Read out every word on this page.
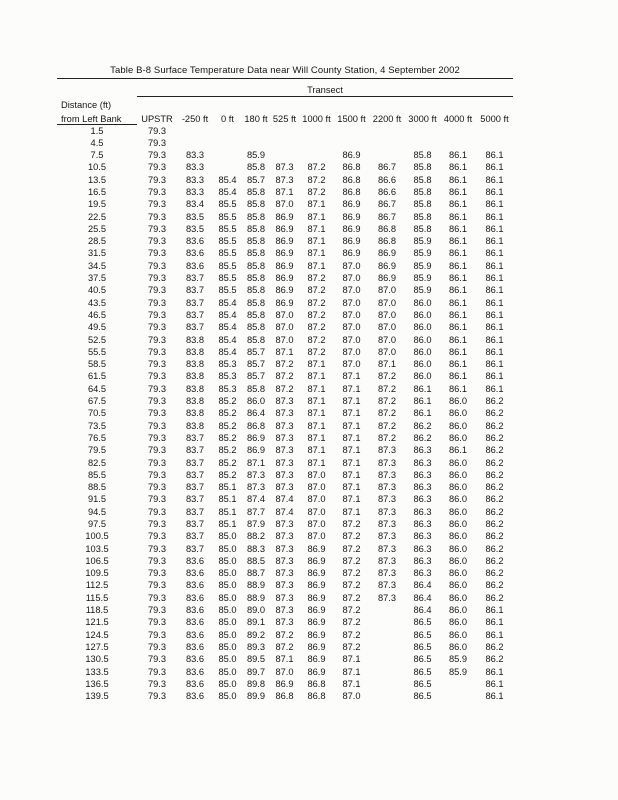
Table B-8 Surface Temperature Data near Will County Station, 4 September 2002											
	Transect										
Distance (ft)											
from Left Bank	UPSTR	-250 ft	0 ft	180 ft	525 ft	1000 ft	1500 ft	2200 ft	3000 ft	4000 ft	5000 ft
1.5	79.3										
4.5	79.3										
7.5	79.3	83.3		85.9			86.9		85.8	86.1	86.1
10.5	79.3	83.3		85.8	87.3	87.2	86.8	86.7	85.8	86.1	86.1
13.5	79.3	83.3	85.4	85.7	87.3	87.2	86.8	86.6	85.8	86.1	86.1
16.5	79.3	83.3	85.4	85.8	87.1	87.2	86.8	86.6	85.8	86.1	86.1
19.5	79.3	83.4	85.5	85.8	87.0	87.1	86.9	86.7	85.8	86.1	86.1
22.5	79.3	83.5	85.5	85.8	86.9	87.1	86.9	86.7	85.8	86.1	86.1
25.5	79.3	83.5	85.5	85.8	86.9	87.1	86.9	86.8	85.8	86.1	86.1
28.5	79.3	83.6	85.5	85.8	86.9	87.1	86.9	86.8	85.9	86.1	86.1
31.5	79.3	83.6	85.5	85.8	86.9	87.1	86.9	86.9	85.9	86.1	86.1
34.5	79.3	83.6	85.5	85.8	86.9	87.1	87.0	86.9	85.9	86.1	86.1
37.5	79.3	83.7	85.5	85.8	86.9	87.2	87.0	86.9	85.9	86.1	86.1
40.5	79.3	83.7	85.5	85.8	86.9	87.2	87.0	87.0	85.9	86.1	86.1
43.5	79.3	83.7	85.4	85.8	86.9	87.2	87.0	87.0	86.0	86.1	86.1
46.5	79.3	83.7	85.4	85.8	87.0	87.2	87.0	87.0	86.0	86.1	86.1
49.5	79.3	83.7	85.4	85.8	87.0	87.2	87.0	87.0	86.0	86.1	86.1
52.5	79.3	83.8	85.4	85.8	87.0	87.2	87.0	87.0	86.0	86.1	86.1
55.5	79.3	83.8	85.4	85.7	87.1	87.2	87.0	87.0	86.0	86.1	86.1
58.5	79.3	83.8	85.3	85.7	87.2	87.1	87.0	87.1	86.0	86.1	86.1
61.5	79.3	83.8	85.3	85.7	87.2	87.1	87.1	87.2	86.0	86.1	86.1
64.5	79.3	83.8	85.3	85.8	87.2	87.1	87.1	87.2	86.1	86.1	86.1
67.5	79.3	83.8	85.2	86.0	87.3	87.1	87.1	87.2	86.1	86.0	86.2
70.5	79.3	83.8	85.2	86.4	87.3	87.1	87.1	87.2	86.1	86.0	86.2
73.5	79.3	83.8	85.2	86.8	87.3	87.1	87.1	87.2	86.2	86.0	86.2
76.5	79.3	83.7	85.2	86.9	87.3	87.1	87.1	87.2	86.2	86.0	86.2
79.5	79.3	83.7	85.2	86.9	87.3	87.1	87.1	87.3	86.3	86.1	86.2
82.5	79.3	83.7	85.2	87.1	87.3	87.1	87.1	87.3	86.3	86.0	86.2
85.5	79.3	83.7	85.2	87.3	87.3	87.0	87.1	87.3	86.3	86.0	86.2
88.5	79.3	83.7	85.1	87.3	87.3	87.0	87.1	87.3	86.3	86.0	86.2
91.5	79.3	83.7	85.1	87.4	87.4	87.0	87.1	87.3	86.3	86.0	86.2
94.5	79.3	83.7	85.1	87.7	87.4	87.0	87.1	87.3	86.3	86.0	86.2
97.5	79.3	83.7	85.1	87.9	87.3	87.0	87.2	87.3	86.3	86.0	86.2
100.5	79.3	83.7	85.0	88.2	87.3	87.0	87.2	87.3	86.3	86.0	86.2
103.5	79.3	83.7	85.0	88.3	87.3	86.9	87.2	87.3	86.3	86.0	86.2
106.5	79.3	83.6	85.0	88.5	87.3	86.9	87.2	87.3	86.3	86.0	86.2
109.5	79.3	83.6	85.0	88.7	87.3	86.9	87.2	87.3	86.3	86.0	86.2
112.5	79.3	83.6	85.0	88.9	87.3	86.9	87.2	87.3	86.4	86.0	86.2
115.5	79.3	83.6	85.0	88.9	87.3	86.9	87.2	87.3	86.4	86.0	86.2
118.5	79.3	83.6	85.0	89.0	87.3	86.9	87.2		86.4	86.0	86.1
121.5	79.3	83.6	85.0	89.1	87.3	86.9	87.2		86.5	86.0	86.1
124.5	79.3	83.6	85.0	89.2	87.2	86.9	87.2		86.5	86.0	86.1
127.5	79.3	83.6	85.0	89.3	87.2	86.9	87.2		86.5	86.0	86.2
130.5	79.3	83.6	85.0	89.5	87.1	86.9	87.1		86.5	85.9	86.2
133.5	79.3	83.6	85.0	89.7	87.0	86.9	87.1		86.5	85.9	86.1
136.5	79.3	83.6	85.0	89.8	86.9	86.8	87.1		86.5		86.1
139.5	79.3	83.6	85.0	89.9	86.8	86.8	87.0		86.5		86.1
